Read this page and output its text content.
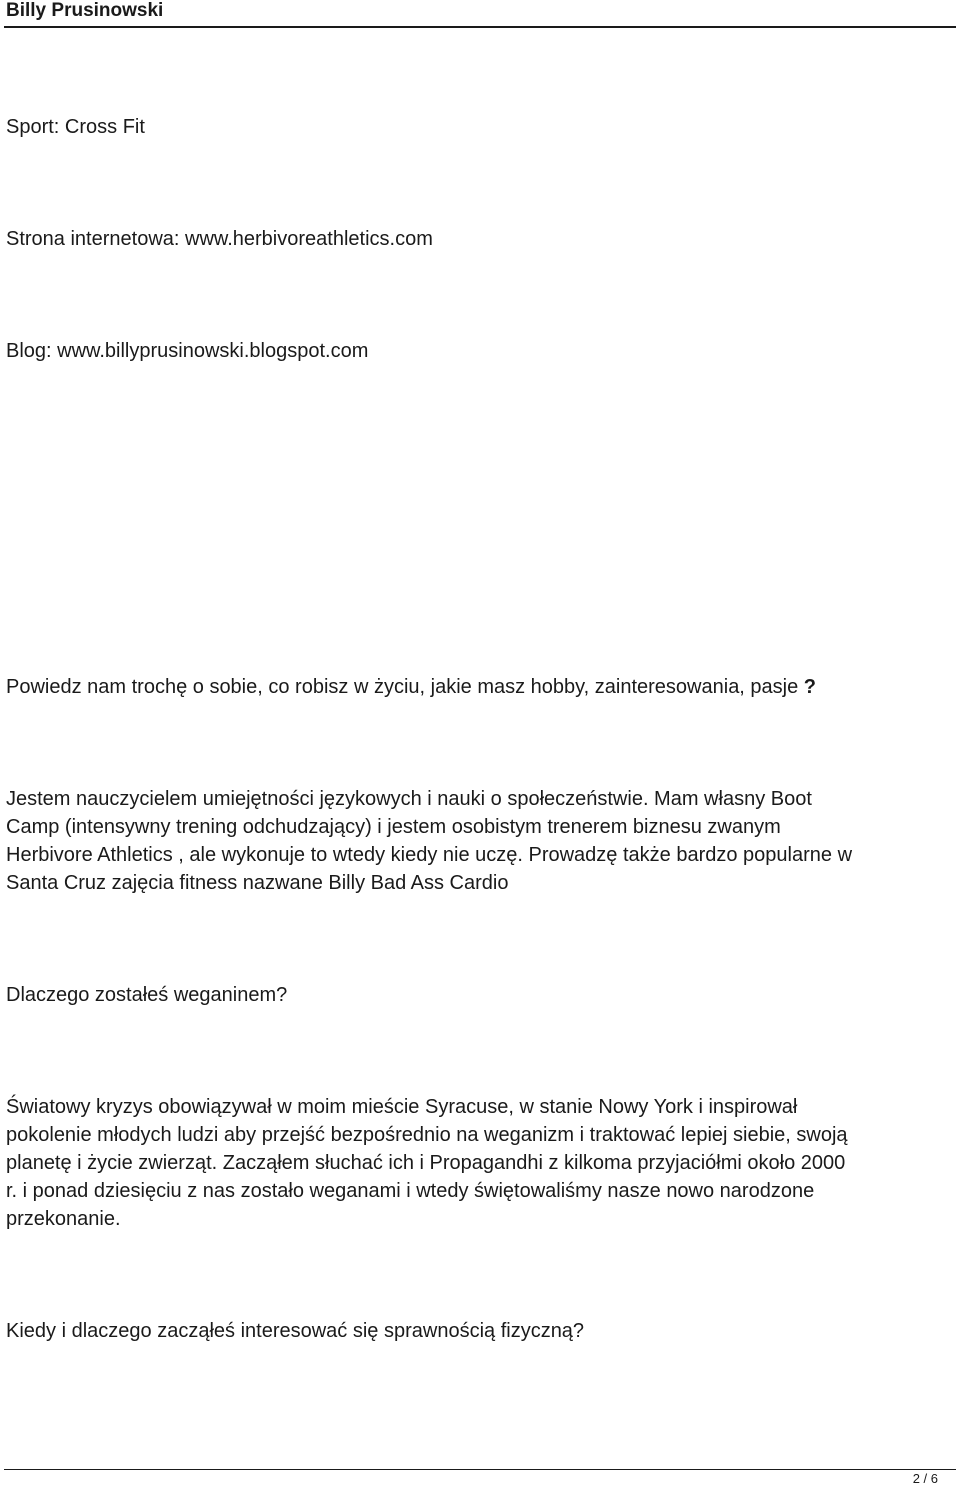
Billy Prusinowski
Sport: Cross Fit
Strona internetowa: www.herbivoreathletics.com
Blog: www.billyprusinowski.blogspot.com
Powiedz nam trochę o sobie, co robisz w życiu, jakie masz hobby, zainteresowania, pasje ?
Jestem nauczycielem umiejętności językowych i nauki o społeczeństwie. Mam własny Boot
Camp (intensywny trening odchudzający) i jestem osobistym trenerem biznesu zwanym
Herbivore Athletics , ale wykonuje to wtedy kiedy nie uczę. Prowadzę także bardzo popularne w
Santa Cruz zajęcia fitness nazwane Billy Bad Ass Cardio
Dlaczego zostałeś weganinem?
Światowy kryzys obowiązywał w moim mieście Syracuse, w stanie Nowy York i inspirował
pokolenie młodych ludzi aby przejść bezpośrednio na weganizm i traktować lepiej siebie, swoją
planetę i życie zwierząt. Zacząłem słuchać ich i Propagandhi z kilkoma przyjaciółmi około 2000
r. i ponad dziesięciu z nas zostało weganami i wtedy świętowaliśmy nasze nowo narodzone
przekonanie.
Kiedy i dlaczego zacząłeś interesować się sprawnością fizyczną?
2 / 6
